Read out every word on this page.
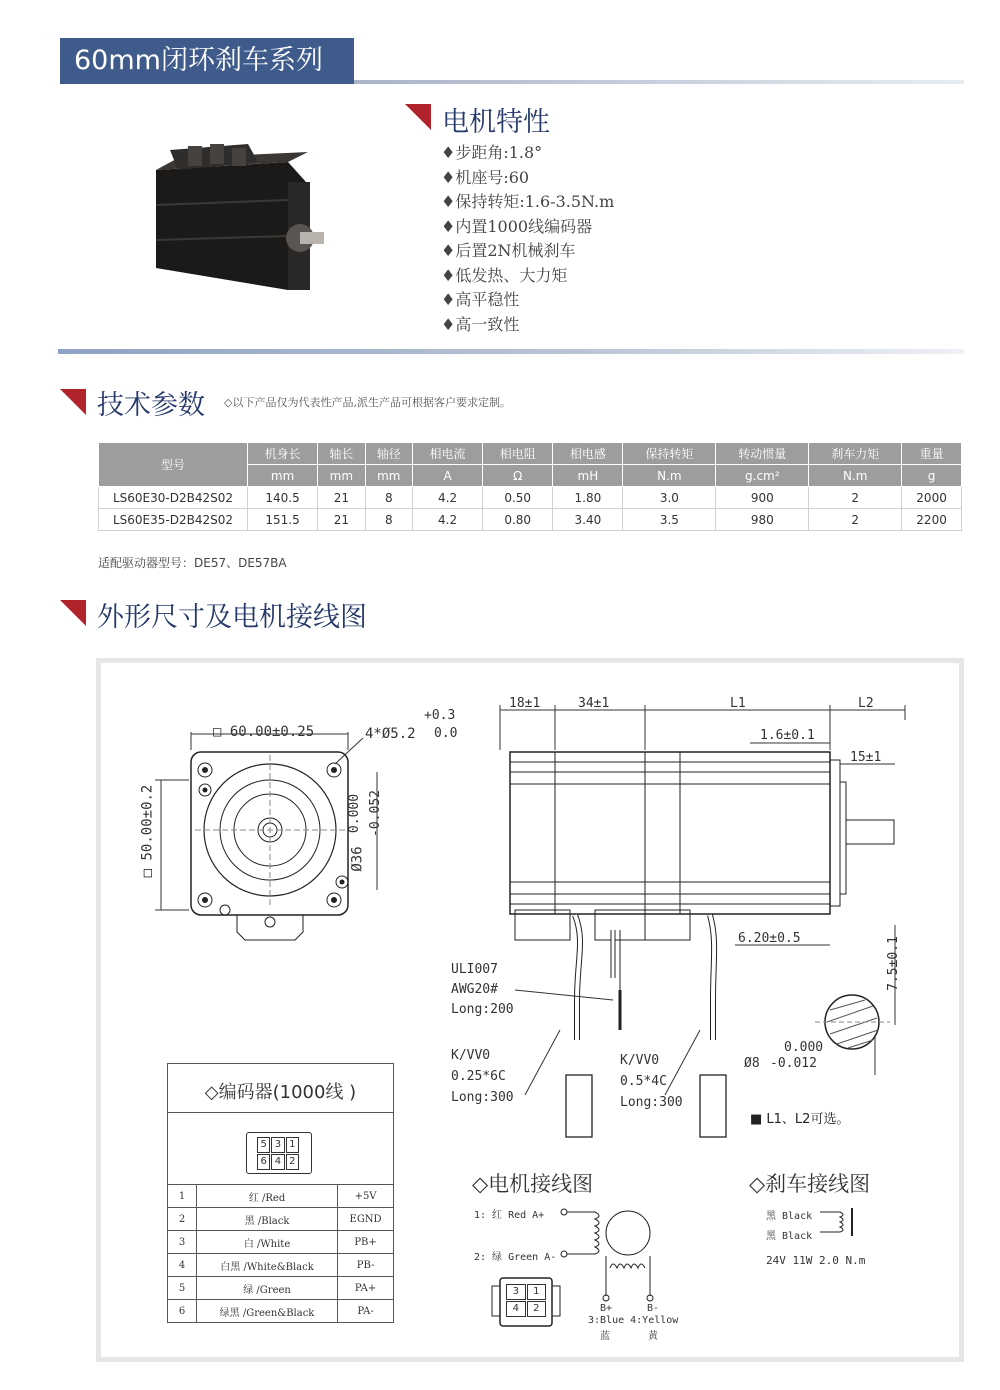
60mm闭环刹车系列
电机特性
♦步距角:1.8°
♦机座号:60
♦保持转矩:1.6-3.5N.m
♦内置1000线编码器
♦后置2N机械刹车
♦低发热、大力矩
♦高平稳性
♦高一致性
技术参数 ◇以下产品仅为代表性产品,派生产品可根据客户要求定制。
型号	机身长	轴长	轴径	相电流	相电阻	相电感	保持转矩	转动惯量	刹车力矩	重量
	mm	mm	mm	A	Ω	mH	N.m	g.cm²	N.m	g
LS60E30-D2B42S02	140.5	21	8	4.2	0.50	1.80	3.0	900	2	2000
LS60E35-D2B42S02	151.5	21	8	4.2	0.80	3.40	3.5	980	2	2200
适配驱动器型号：DE57、DE57BA
外形尺寸及电机接线图
□ 60.00±0.25	4*Ø5.2
+0.3
0.0
□ 50.00±0.2	Ø36
0.000 -0.052
18±1	34±1	L1	L2
1.6±0.1
15±1
6.20±0.5	7.5±0.1
Ø8
0.000
-0.012
ULI007
AWG20#
Long:200
K/VV0
0.25*6C
Long:300
K/VV0
0.5*4C
Long:300
■ L1、L2可选。
◇编码器(1000线 )
5 3 1
6 4 2
1	红 /Red	+5V
2	黑 /Black	EGND
3	白 /White	PB+
4	白黑 /White&Black	PB-
5	绿 /Green	PA+
6	绿黑 /Green&Black	PA-
◇电机接线图
1: 红 Red A+
2: 绿 Green A-
3	1
4	2	B+	B-
3:Blue 4:Yellow
蓝	黄
◇刹车接线图
黑 Black
黑 Black
24V 11W 2.0 N.m
